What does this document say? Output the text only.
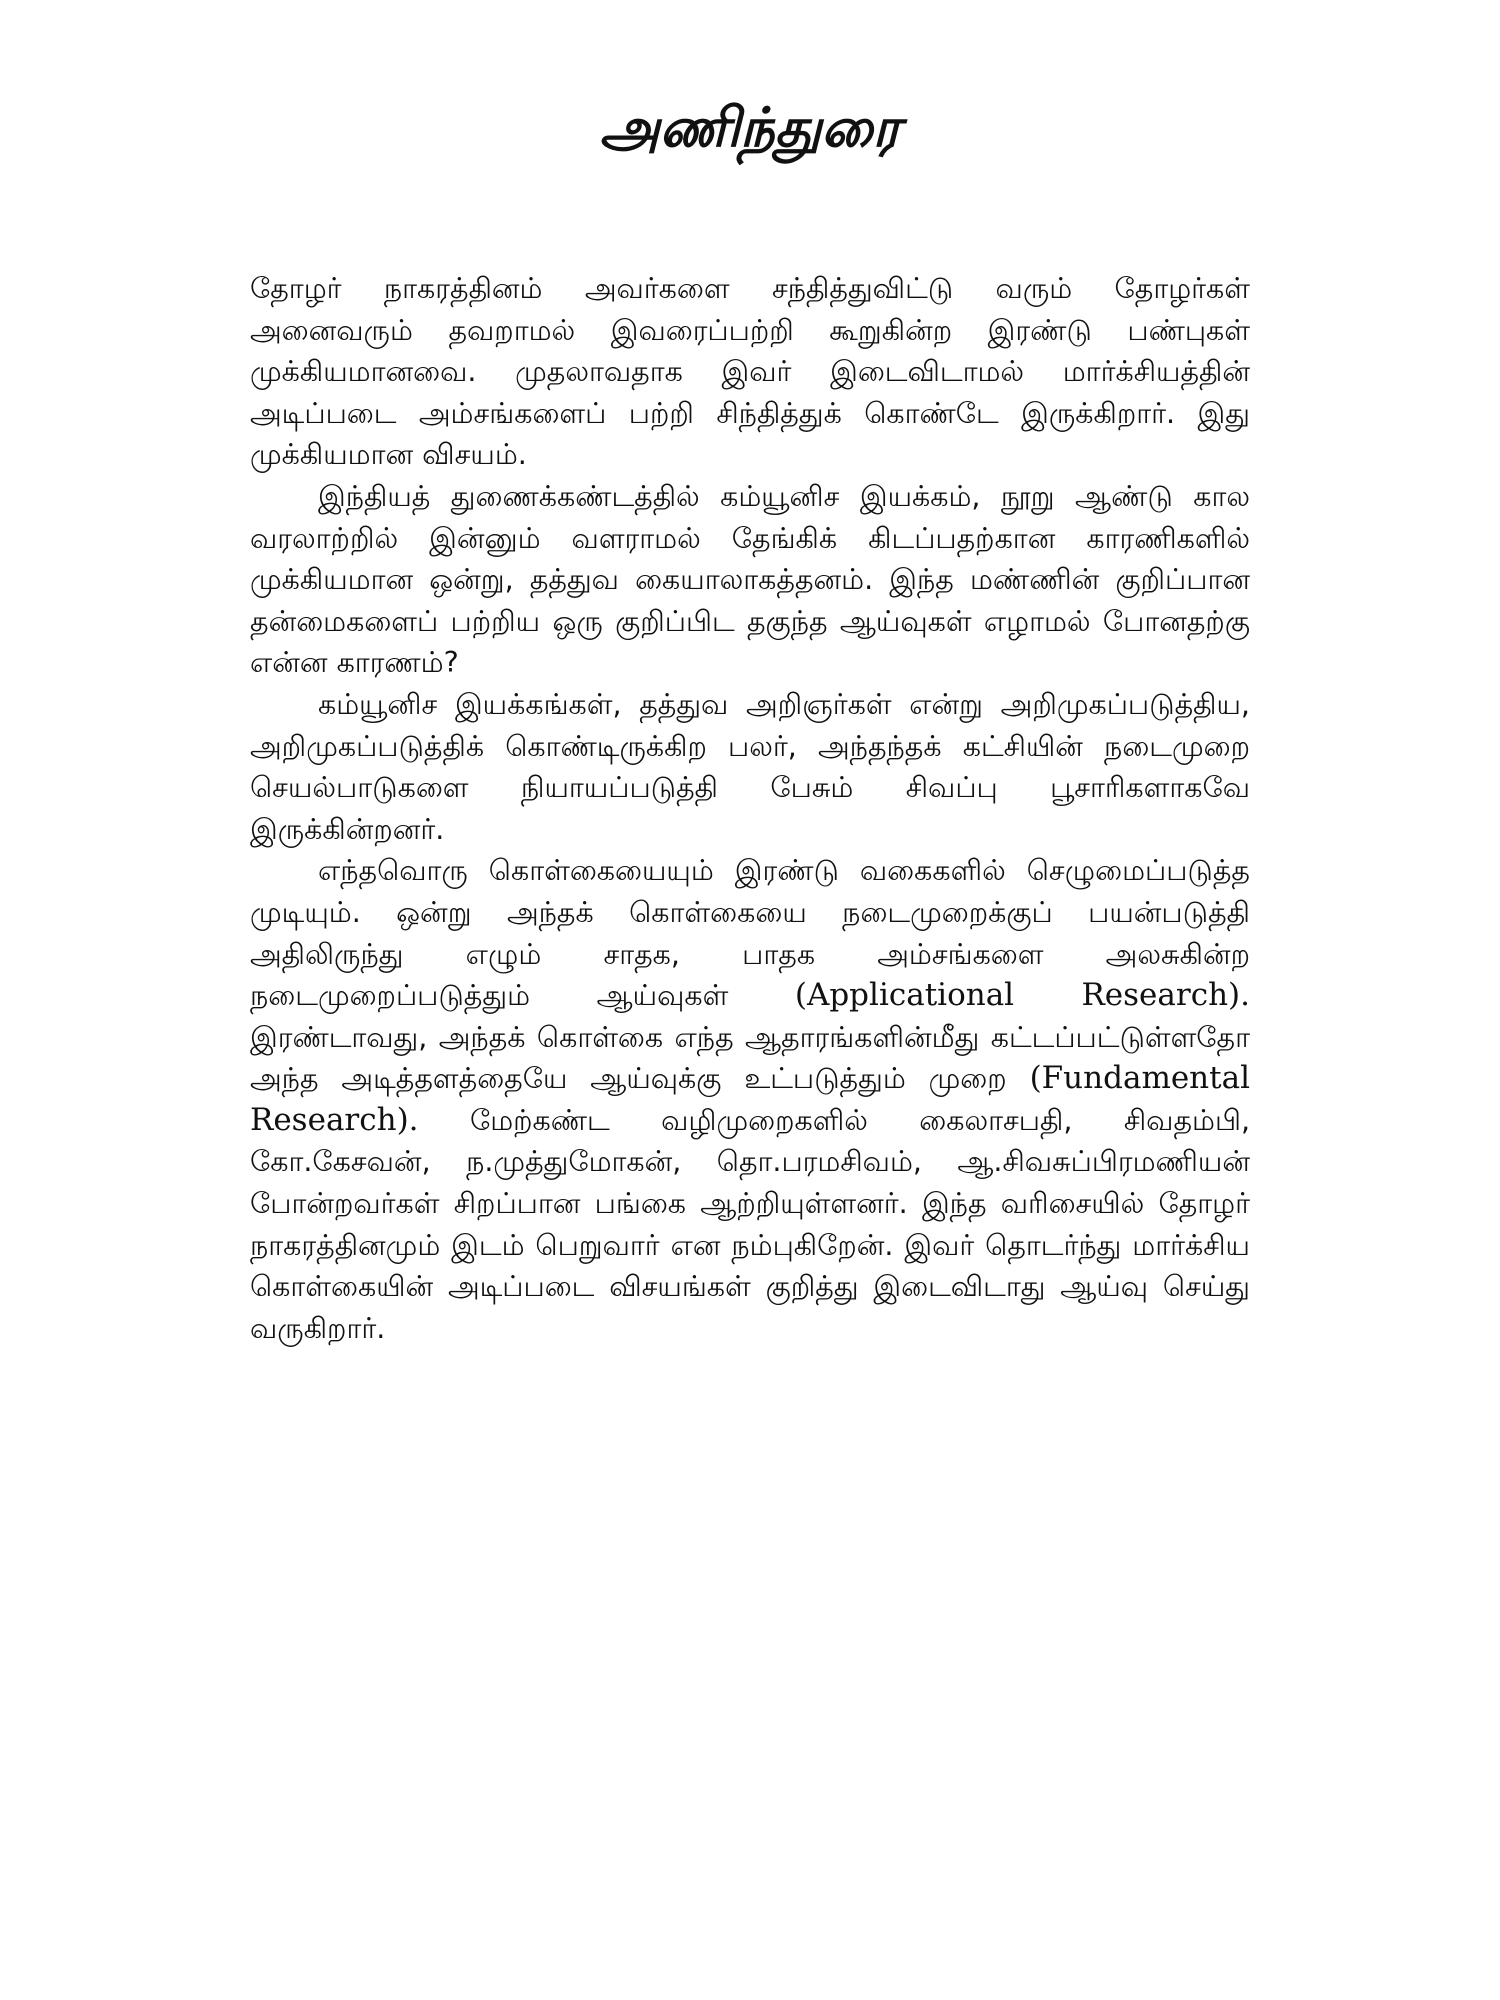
அணிந்துரை

தோழர் நாகரத்தினம் அவர்களை சந்தித்துவிட்டு வரும் தோழர்கள் அனைவரும் தவறாமல் இவரைப்பற்றி கூறுகின்ற இரண்டு பண்புகள் முக்கியமானவை. முதலாவதாக இவர் இடைவிடாமல் மார்க்சியத்தின் அடிப்படை அம்சங்களைப் பற்றி சிந்தித்துக் கொண்டே இருக்கிறார். இது முக்கியமான விசயம்.

இந்தியத் துணைக்கண்டத்தில் கம்யூனிச இயக்கம், நூறு ஆண்டு கால வரலாற்றில் இன்னும் வளராமல் தேங்கிக் கிடப்பதற்கான காரணிகளில் முக்கியமான ஒன்று, தத்துவ கையாலாகத்தனம். இந்த மண்ணின் குறிப்பான தன்மைகளைப் பற்றிய ஒரு குறிப்பிட தகுந்த ஆய்வுகள் எழாமல் போனதற்கு என்ன காரணம்?

கம்யூனிச இயக்கங்கள், தத்துவ அறிஞர்கள் என்று அறிமுகப்படுத்திய, அறிமுகப்படுத்திக் கொண்டிருக்கிற பலர், அந்தந்தக் கட்சியின் நடைமுறை செயல்பாடுகளை நியாயப்படுத்தி பேசும் சிவப்பு பூசாரிகளாகவே இருக்கின்றனர்.

எந்தவொரு கொள்கையையும் இரண்டு வகைகளில் செழுமைப்படுத்த முடியும். ஒன்று அந்தக் கொள்கையை நடைமுறைக்குப் பயன்படுத்தி அதிலிருந்து எழும் சாதக, பாதக அம்சங்களை அலசுகின்ற நடைமுறைப்படுத்தும் ஆய்வுகள் (Applicational Research). இரண்டாவது, அந்தக் கொள்கை எந்த ஆதாரங்களின்மீது கட்டப்பட்டுள்ளதோ அந்த அடித்தளத்தையே ஆய்வுக்கு உட்படுத்தும் முறை (Fundamental Research). மேற்கண்ட வழிமுறைகளில் கைலாசபதி, சிவதம்பி, கோ.கேசவன், ந.முத்துமோகன், தொ.பரமசிவம், ஆ.சிவசுப்பிரமணியன் போன்றவர்கள் சிறப்பான பங்கை ஆற்றியுள்ளனர். இந்த வரிசையில் தோழர் நாகரத்தினமும் இடம் பெறுவார் என நம்புகிறேன். இவர் தொடர்ந்து மார்க்சிய கொள்கையின் அடிப்படை விசயங்கள் குறித்து இடைவிடாது ஆய்வு செய்து வருகிறார்.
